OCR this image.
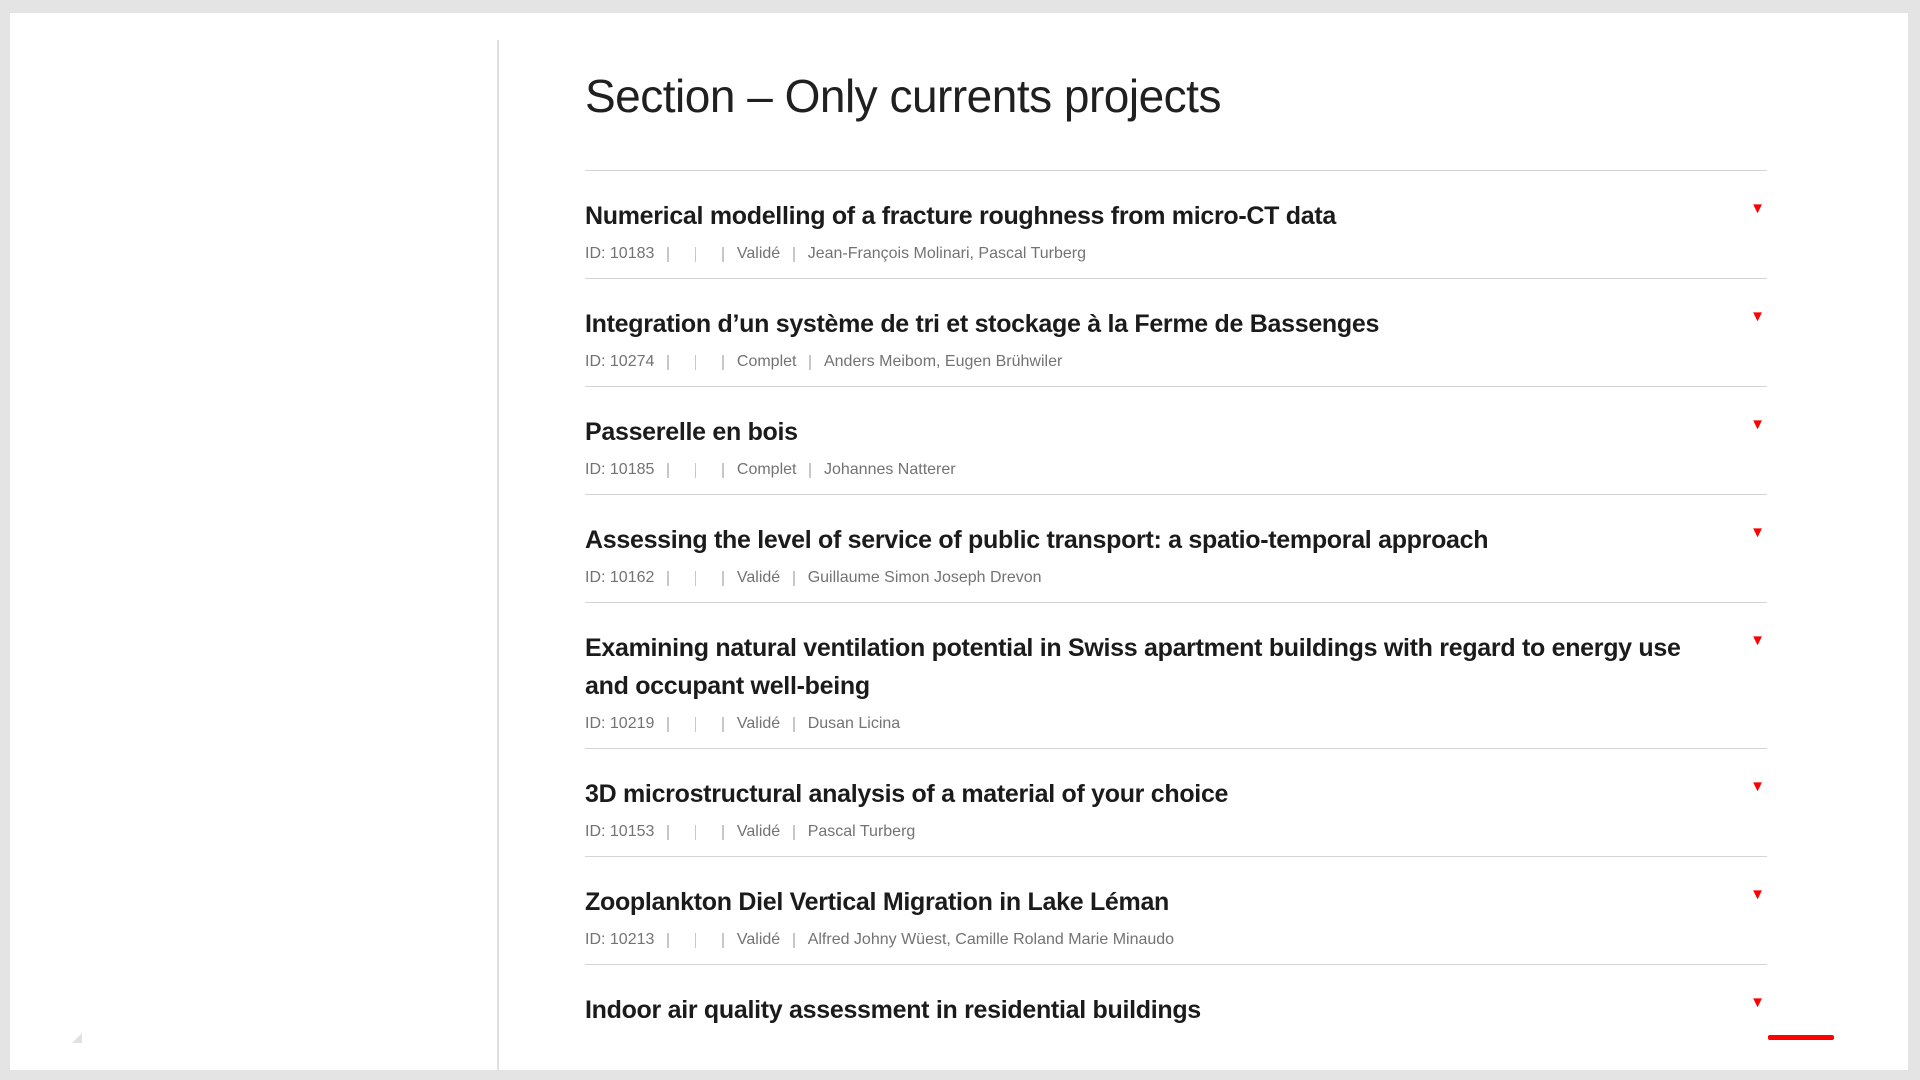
Section – Only currents projects
Numerical modelling of a fracture roughness from micro-CT data
ID: 10183	Validé Jean-François Molinari, Pascal Turberg
▼
Integration d’un système de tri et stockage à la Ferme de Bassenges
ID: 10274	Complet Anders Meibom, Eugen Brühwiler
▼
Passerelle en bois
ID: 10185	Complet Johannes Natterer
▼
Assessing the level of service of public transport: a spatio-temporal approach
ID: 10162	Validé Guillaume Simon Joseph Drevon
▼
Examining natural ventilation potential in Swiss apartment buildings with regard to energy use and occupant well-being
ID: 10219	Validé Dusan Licina
▼
3D microstructural analysis of a material of your choice
ID: 10153	Validé Pascal Turberg
▼
Zooplankton Diel Vertical Migration in Lake Léman
ID: 10213	Validé Alfred Johny Wüest, Camille Roland Marie Minaudo
▼
Indoor air quality assessment in residential buildings	▼
